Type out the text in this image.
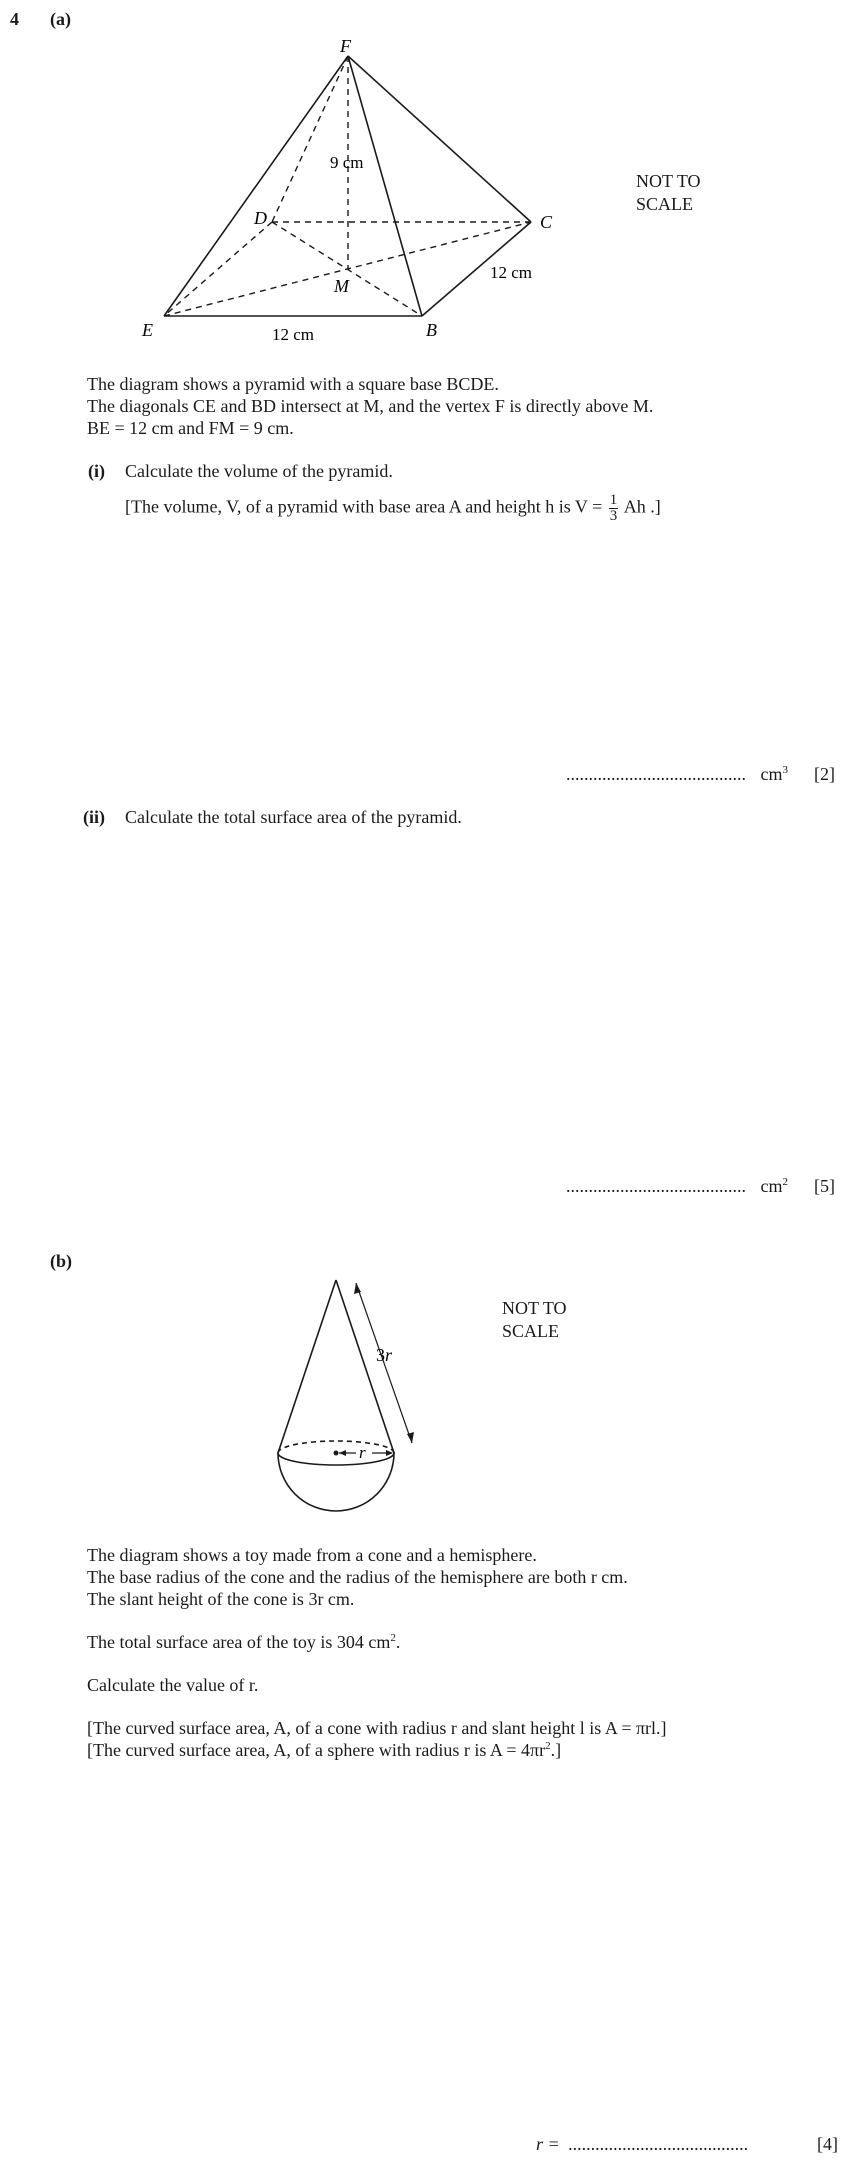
4 (a)
F
D	C
M
E	B
9 cm
12 cm
12 cm
NOT TO
SCALE
The diagram shows a pyramid with a square base BCDE.
The diagonals CE and BD intersect at M, and the vertex F is directly above M.
BE = 12 cm and FM = 9 cm.
(i) Calculate the volume of the pyramid.
[The volume, V, of a pyramid with base area A and height h is $V = \frac{1}{3}$ Ah .]
........................................ $cm^3$ [2]
(ii) Calculate the total surface area of the pyramid.
........................................ $cm^2$ [5]
(b)
3r
r
NOT TO
SCALE
The diagram shows a toy made from a cone and a hemisphere.
The base radius of the cone and the radius of the hemisphere are both r cm.
The slant height of the cone is 3r cm.
The total surface area of the toy is 304 $cm^2$.
Calculate the value of r.
[The curved surface area, A, of a cone with radius r and slant height l is A = πrl.]
[The curved surface area, A, of a sphere with radius r is $A = 4\pi r^2$.]
r = ........................................	[4]
